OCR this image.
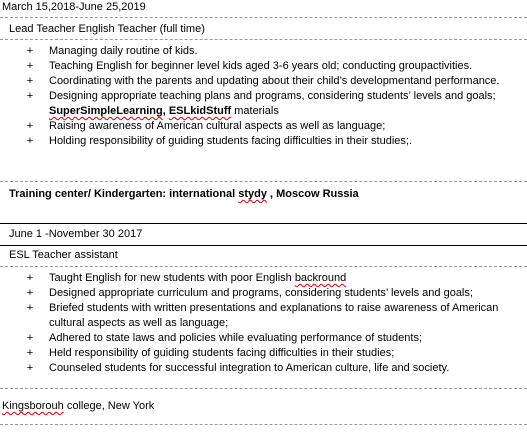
March 15,2018-June 25,2019
Lead Teacher English Teacher (full time)
+ Managing daily routine of kids.
+ Teaching English for beginner level kids aged 3-6 years old; conducting groupactivities.
+ Coordinating with the parents and updating about their child’s developmentand performance.
+ Designing appropriate teaching plans and programs, considering students’ levels and goals; SuperSimpleLearning, ESLkidStuff materials
+ Raising awareness of American cultural aspects as well as language;
+ Holding responsibility of guiding students facing difficulties in their studies;.
Training center/ Kindergarten: international stydy , Moscow Russia
June 1 -November 30 2017
ESL Teacher assistant
+ Taught English for new students with poor English backround
+ Designed appropriate curriculum and programs, considering students’ levels and goals;
+ Briefed students with written presentations and explanations to raise awareness of American cultural aspects as well as language;
+ Adhered to state laws and policies while evaluating performance of students;
+ Held responsibility of guiding students facing difficulties in their studies;
+ Counseled students for successful integration to American culture, life and society.
Kingsborouh college, New York
